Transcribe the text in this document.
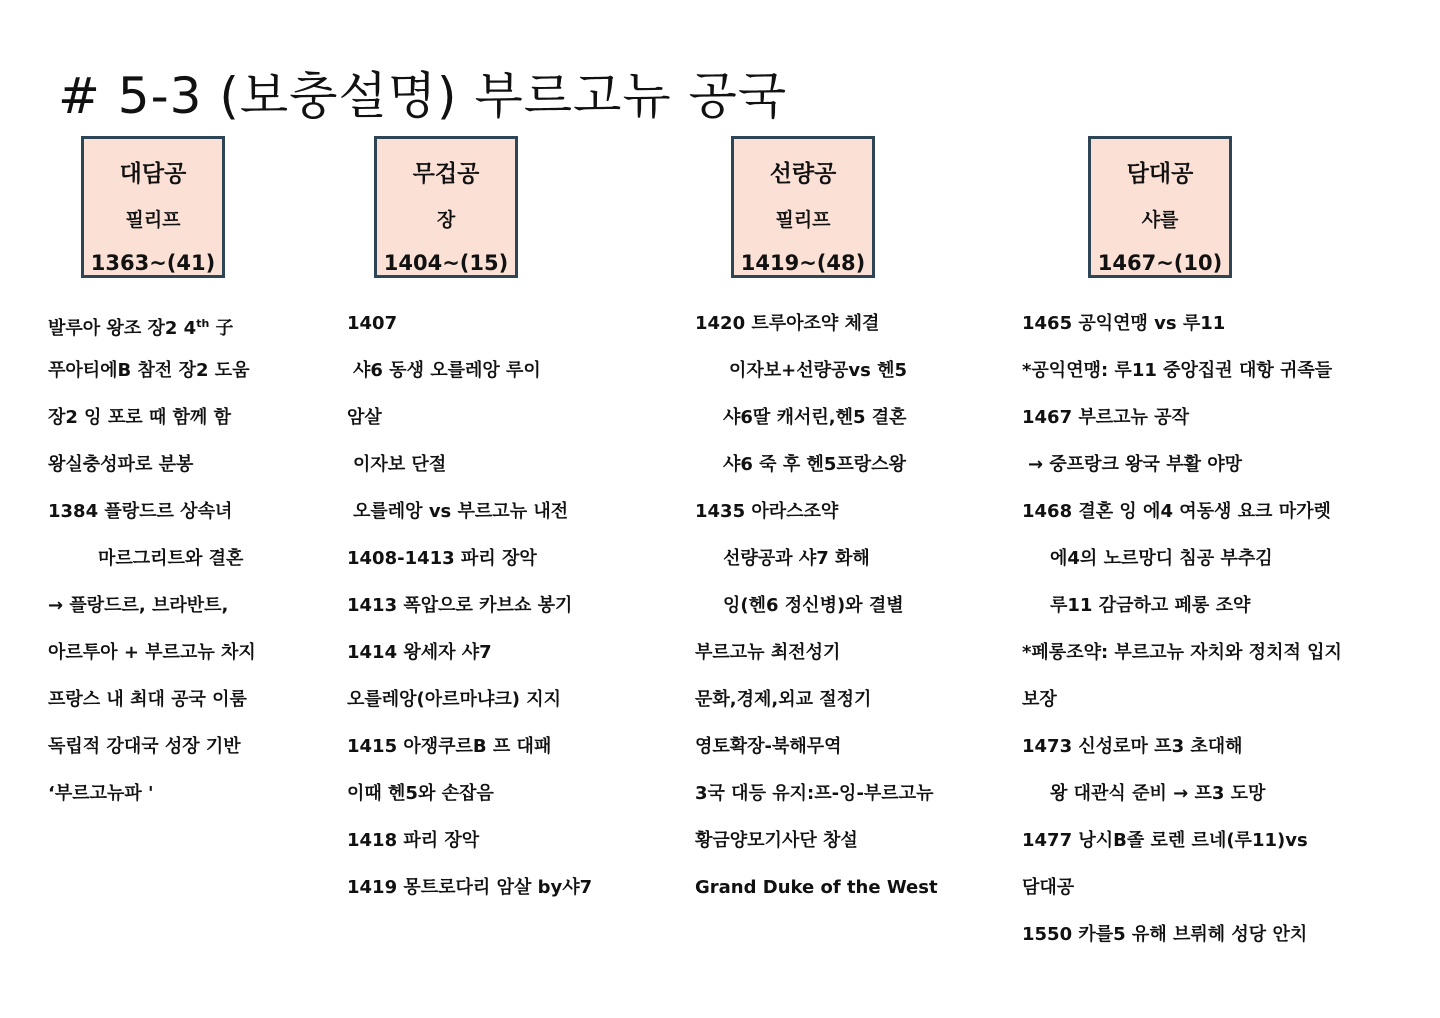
# 5-3 (보충설명) 부르고뉴 공국
대담공
필리프
1363~(41)
무겁공
장
1404~(15)
선량공
필리프
1419~(48)
담대공
샤를
1467~(10)
발루아 왕조 장2 4th 子
푸아티에B 참전 장2 도움
장2 잉 포로 때 함께 함
왕실충성파로 분봉
1384 플랑드르 상속녀
마르그리트와 결혼
→ 플랑드르, 브라반트,
아르투아 + 부르고뉴 차지
프랑스 내 최대 공국 이룸
독립적 강대국 성장 기반
‘부르고뉴파 '
1407
샤6 동생 오를레앙 루이
암살
이자보 단절
오를레앙 vs 부르고뉴 내전
1408-1413 파리 장악
1413 폭압으로 카브쇼 봉기
1414 왕세자 샤7
오를레앙(아르마냐크) 지지
1415 아쟁쿠르B 프 대패
이때 헨5와 손잡음
1418 파리 장악
1419 몽트로다리 암살 by샤7
1420 트루아조약 체결
이자보+선량공vs 헨5
샤6딸 캐서린,헨5 결혼
샤6 죽 후 헨5프랑스왕
1435 아라스조약
선량공과 샤7 화해
잉(헨6 정신병)와 결별
부르고뉴 최전성기
문화,경제,외교 절정기
영토확장-북해무역
3국 대등 유지:프-잉-부르고뉴
황금양모기사단 창설
Grand Duke of the West
1465 공익연맹 vs 루11
*공익연맹: 루11 중앙집권 대항 귀족들
1467 부르고뉴 공작
→ 중프랑크 왕국 부활 야망
1468 결혼 잉 에4 여동생 요크 마가렛
에4의 노르망디 침공 부추김
루11 감금하고 페롱 조약
*페롱조약: 부르고뉴 자치와 정치적 입지
보장
1473 신성로마 프3 초대해
왕 대관식 준비 → 프3 도망
1477 낭시B졸 로렌 르네(루11)vs
담대공
1550 카를5 유해 브뤼헤 성당 안치
